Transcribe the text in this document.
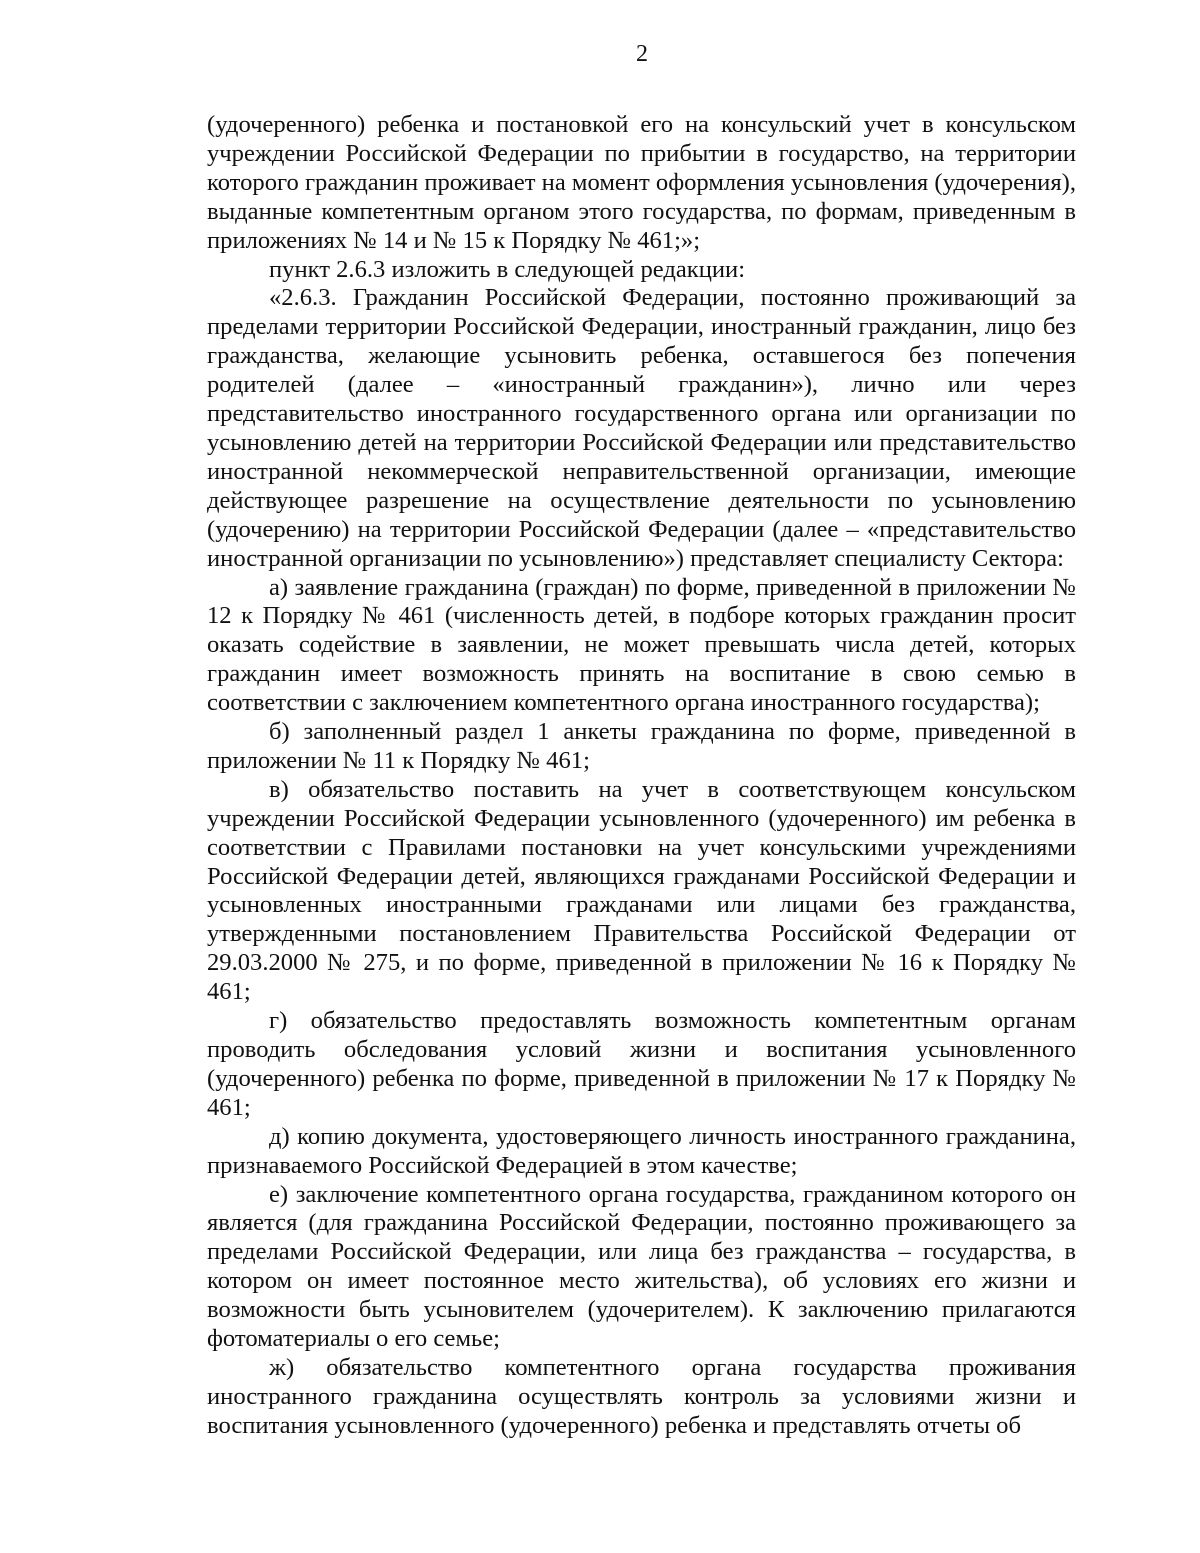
2

(удочеренного) ребенка и постановкой его на консульский учет в консульском учреждении Российской Федерации по прибытии в государство, на территории которого гражданин проживает на момент оформления усыновления (удочерения), выданные компетентным органом этого государства, по формам, приведенным в приложениях № 14 и № 15 к Порядку № 461;»;

пункт 2.6.3 изложить в следующей редакции:

«2.6.3. Гражданин Российской Федерации, постоянно проживающий за пределами территории Российской Федерации, иностранный гражданин, лицо без гражданства, желающие усыновить ребенка, оставшегося без попечения родителей (далее – «иностранный гражданин»), лично или через представительство иностранного государственного органа или организации по усыновлению детей на территории Российской Федерации или представительство иностранной некоммерческой неправительственной организации, имеющие действующее разрешение на осуществление деятельности по усыновлению (удочерению) на территории Российской Федерации (далее – «представительство иностранной организации по усыновлению») представляет специалисту Сектора:

а) заявление гражданина (граждан) по форме, приведенной в приложении № 12 к Порядку № 461 (численность детей, в подборе которых гражданин просит оказать содействие в заявлении, не может превышать числа детей, которых гражданин имеет возможность принять на воспитание в свою семью в соответствии с заключением компетентного органа иностранного государства);

б) заполненный раздел 1 анкеты гражданина по форме, приведенной в приложении № 11 к Порядку № 461;

в) обязательство поставить на учет в соответствующем консульском учреждении Российской Федерации усыновленного (удочеренного) им ребенка в соответствии с Правилами постановки на учет консульскими учреждениями Российской Федерации детей, являющихся гражданами Российской Федерации и усыновленных иностранными гражданами или лицами без гражданства, утвержденными постановлением Правительства Российской Федерации от 29.03.2000 № 275, и по форме, приведенной в приложении № 16 к Порядку № 461;

г) обязательство предоставлять возможность компетентным органам проводить обследования условий жизни и воспитания усыновленного (удочеренного) ребенка по форме, приведенной в приложении № 17 к Порядку № 461;

д) копию документа, удостоверяющего личность иностранного гражданина, признаваемого Российской Федерацией в этом качестве;

е) заключение компетентного органа государства, гражданином которого он является (для гражданина Российской Федерации, постоянно проживающего за пределами Российской Федерации, или лица без гражданства – государства, в котором он имеет постоянное место жительства), об условиях его жизни и возможности быть усыновителем (удочерителем). К заключению прилагаются фотоматериалы о его семье;

ж) обязательство компетентного органа государства проживания иностранного гражданина осуществлять контроль за условиями жизни и воспитания усыновленного (удочеренного) ребенка и представлять отчеты об
